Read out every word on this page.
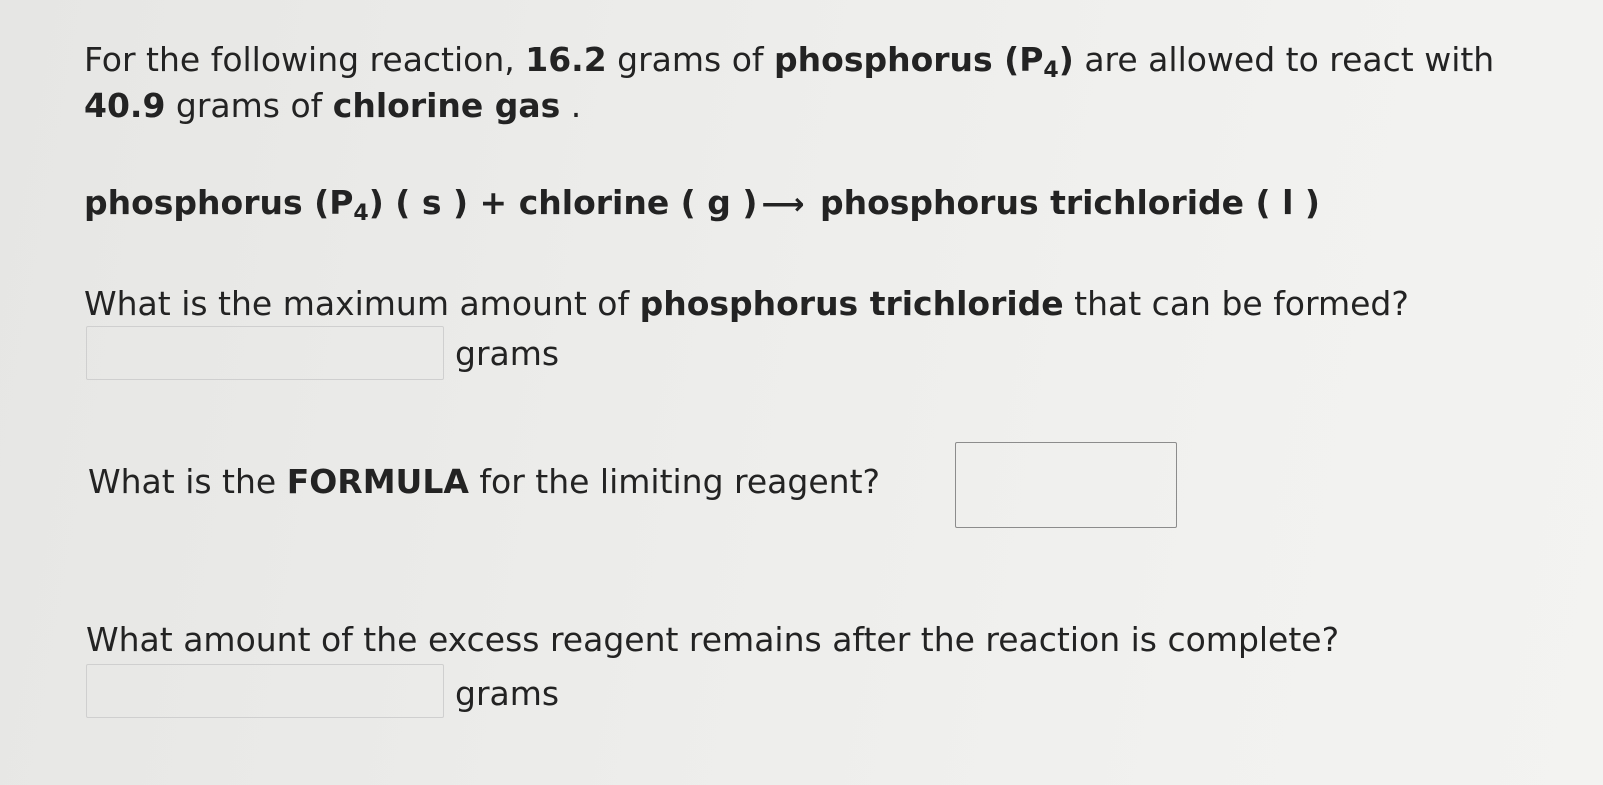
For the following reaction, 16.2 grams of phosphorus $(P_4)$ are allowed to react with
40.9 grams of chlorine gas .
phosphorus $(P_4)$ ( s ) + chlorine ( g ) ⟶ phosphorus trichloride ( l )
What is the maximum amount of phosphorus trichloride that can be formed?
grams
What is the FORMULA for the limiting reagent?
What amount of the excess reagent remains after the reaction is complete?
grams
